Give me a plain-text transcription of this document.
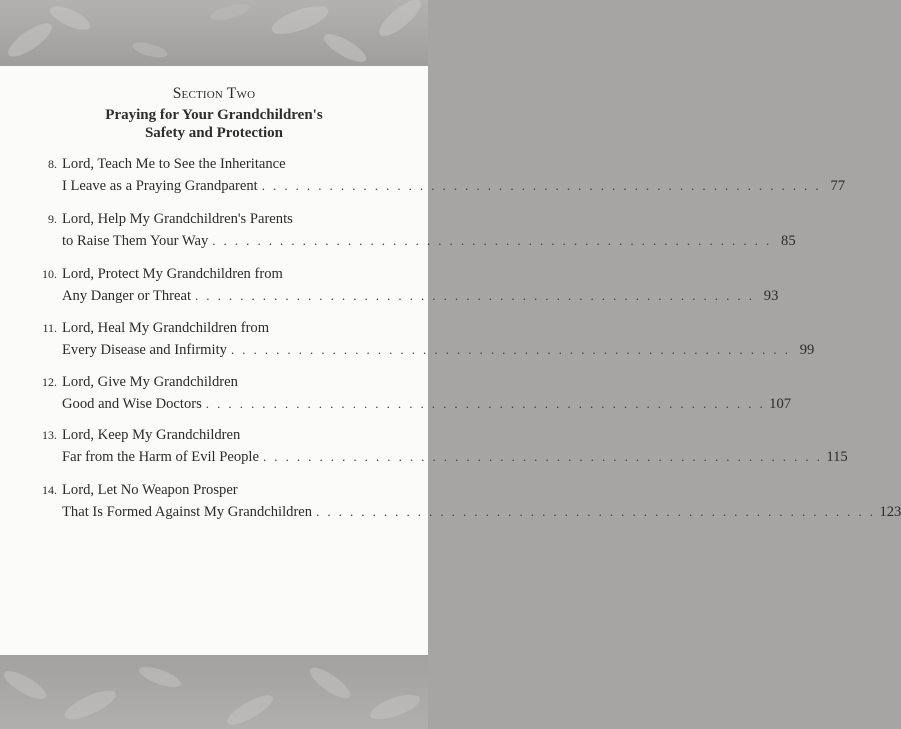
Section Two
Praying for Your Grandchildren's
Safety and Protection
8. Lord, Teach Me to See the Inheritance
I Leave as a Praying Grandparent . . . . . . . . . . . . . . . . . . . . . . . . . . . . . . . . . . . . . . . . . . . . . . . . . . 77
9. Lord, Help My Grandchildren's Parents
to Raise Them Your Way . . . . . . . . . . . . . . . . . . . . . . . . . . . . . . . . . . . . . . . . . . . . . . . . . . 85
10. Lord, Protect My Grandchildren from
Any Danger or Threat . . . . . . . . . . . . . . . . . . . . . . . . . . . . . . . . . . . . . . . . . . . . . . . . . . 93
11. Lord, Heal My Grandchildren from
Every Disease and Infirmity . . . . . . . . . . . . . . . . . . . . . . . . . . . . . . . . . . . . . . . . . . . . . . . . . . 99
12. Lord, Give My Grandchildren
Good and Wise Doctors . . . . . . . . . . . . . . . . . . . . . . . . . . . . . . . . . . . . . . . . . . . . . . . . . . 107
13. Lord, Keep My Grandchildren
Far from the Harm of Evil People . . . . . . . . . . . . . . . . . . . . . . . . . . . . . . . . . . . . . . . . . . . . . . . . . . 115
14. Lord, Let No Weapon Prosper
That Is Formed Against My Grandchildren . . . . . . . . . . . . . . . . . . . . . . . . . . . . . . . . . . . . . . . . . . . . . . . . . . 123
